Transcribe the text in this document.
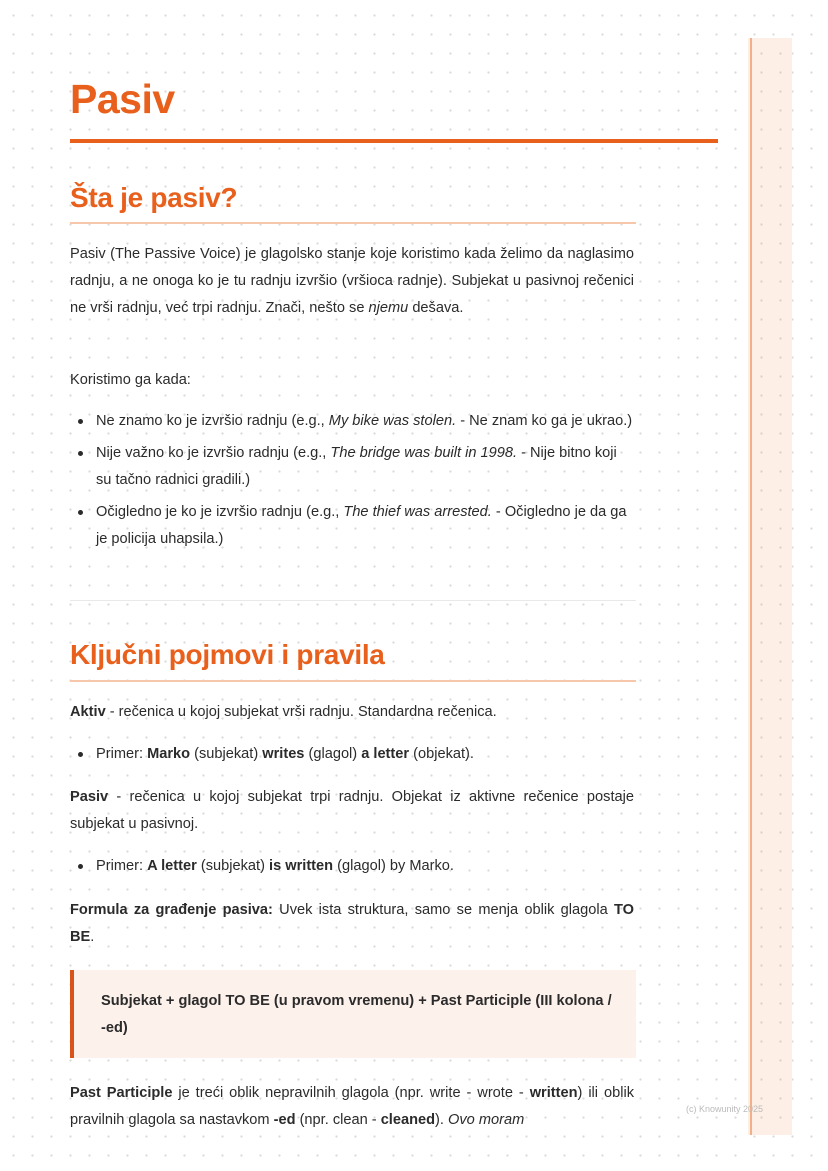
Pasiv
Šta je pasiv?

Pasiv (The Passive Voice) je glagolsko stanje koje koristimo kada želimo da naglasimo radnju, a ne onoga ko je tu radnju izvršio (vršioca radnje). Subjekat u pasivnoj rečenici ne vrši radnju, već trpi radnju. Znači, nešto se njemu dešava.

Koristimo ga kada:

Ne znamo ko je izvršio radnju (e.g., My bike was stolen. - Ne znam ko ga je ukrao.)
Nije važno ko je izvršio radnju (e.g., The bridge was built in 1998. - Nije bitno koji su tačno radnici gradili.)
Očigledno je ko je izvršio radnju (e.g., The thief was arrested. - Očigledno je da ga je policija uhapsila.)
Ključni pojmovi i pravila

Aktiv - rečenica u kojoj subjekat vrši radnju. Standardna rečenica.

Primer: Marko (subjekat) writes (glagol) a letter (objekat).

Pasiv - rečenica u kojoj subjekat trpi radnju. Objekat iz aktivne rečenice postaje subjekat u pasivnoj.

Primer: A letter (subjekat) is written (glagol) by Marko.

Formula za građenje pasiva: Uvek ista struktura, samo se menja oblik glagola TO BE.

Subjekat + glagol TO BE (u pravom vremenu) + Past Participle (III kolona / -ed)

Past Participle je treći oblik nepravilnih glagola (npr. write - wrote - written) ili oblik pravilnih glagola sa nastavkom -ed (npr. clean - cleaned). Ovo moram

(c) Knowunity 2025
